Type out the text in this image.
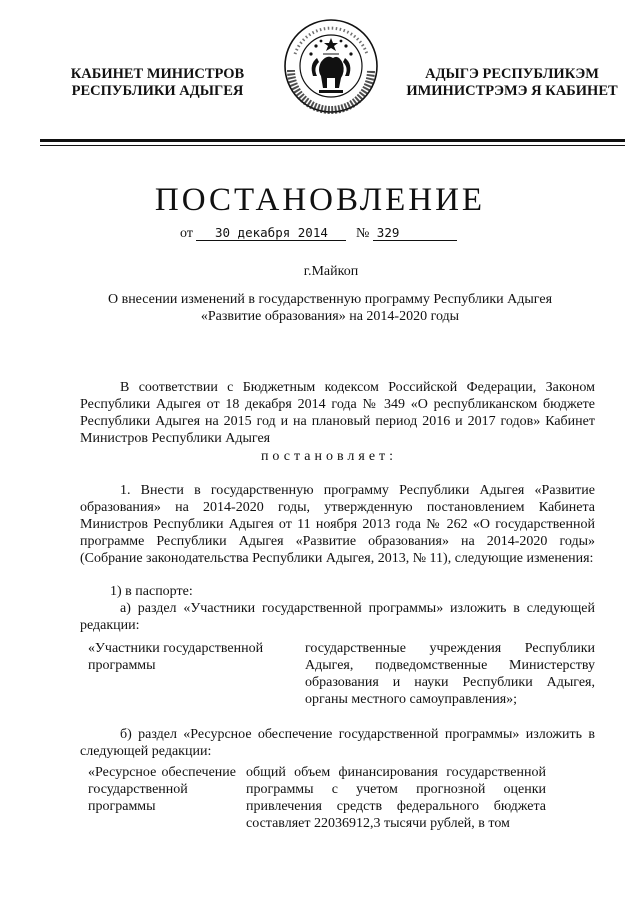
КАБИНЕТ МИНИСТРОВ
РЕСПУБЛИКИ АДЫГЕЯ
АДЫГЭ РЕСПУБЛИКЭМ
ИМИНИСТРЭМЭ Я КАБИНЕТ
ПОСТАНОВЛЕНИЕ
от 30 декабря 2014 № 329
г.Майкоп
О внесении изменений в государственную программу Республики Адыгея
«Развитие образования» на 2014-2020 годы

В соответствии с Бюджетным кодексом Российской Федерации, Законом Республики Адыгея от 18 декабря 2014 года № 349 «О республиканском бюджете Республики Адыгея на 2015 год и на плановый период 2016 и 2017 годов» Кабинет Министров Республики Адыгея

постановляет:

1. Внести в государственную программу Республики Адыгея «Развитие образования» на 2014-2020 годы, утвержденную постановлением Кабинета Министров Республики Адыгея от 11 ноября 2013 года № 262 «О государственной программе Республики Адыгея «Развитие образования» на 2014-2020 годы» (Собрание законодательства Республики Адыгея, 2013, № 11), следующие изменения:

1) в паспорте:

а) раздел «Участники государственной программы» изложить в следующей редакции:

«Участники государственной программы
государственные учреждения Республики Адыгея, подведомственные Министерству образования и науки Республики Адыгея, органы местного самоуправления»;

б) раздел «Ресурсное обеспечение государственной программы» изложить в следующей редакции:

«Ресурсное обеспечение государственной программы
общий объем финансирования государственной программы с учетом прогнозной оценки привлечения средств федерального бюджета составляет 22036912,3 тысячи рублей, в том
